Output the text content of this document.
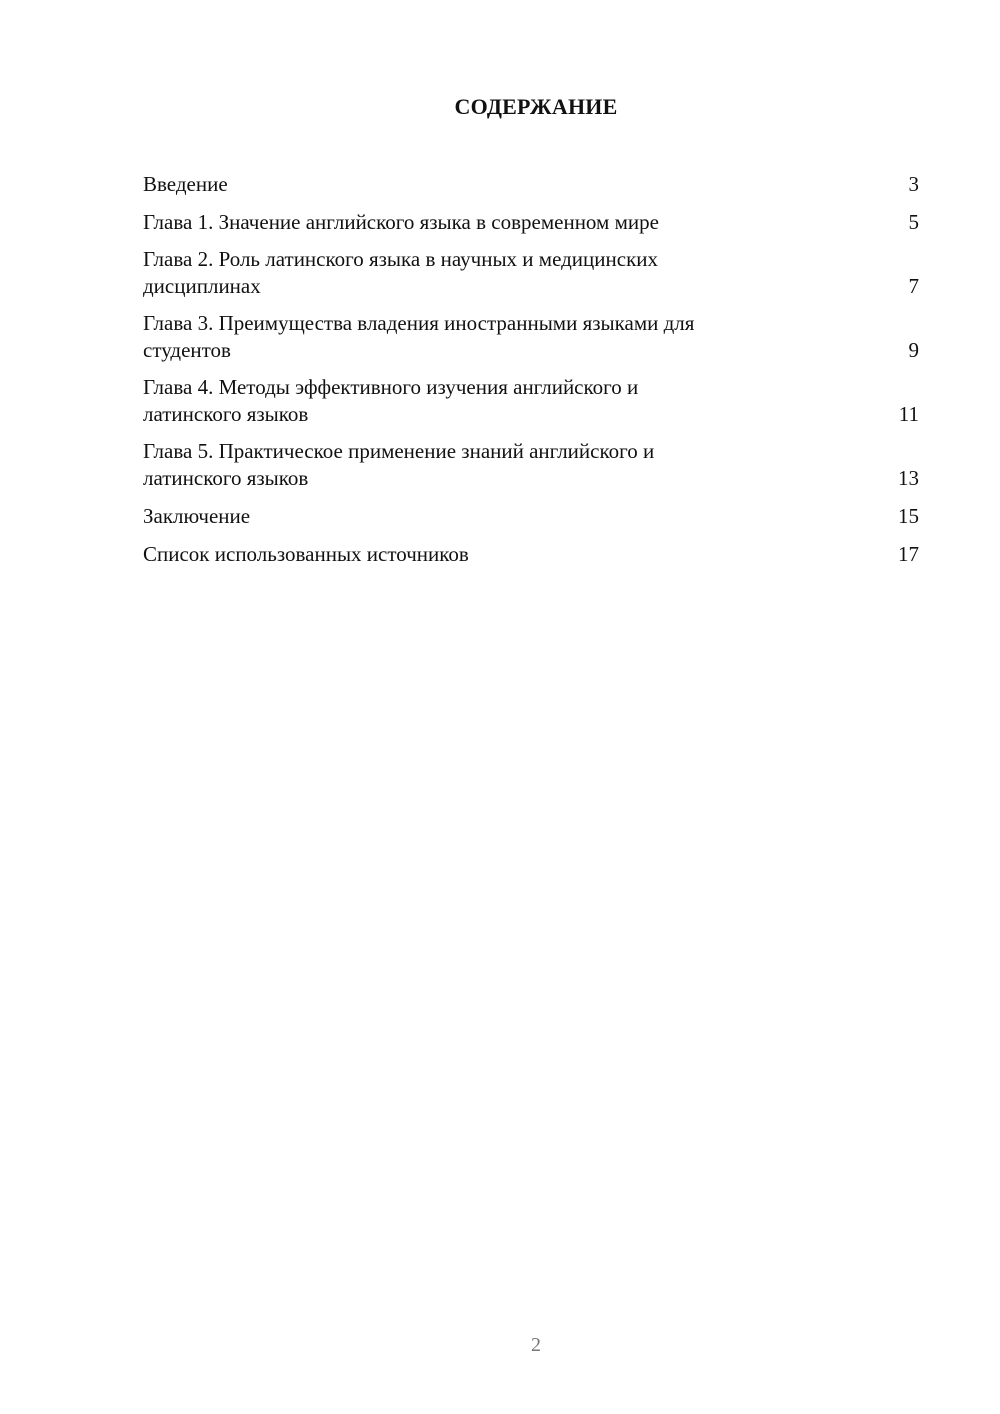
СОДЕРЖАНИЕ
Введение	3
Глава 1. Значение английского языка в современном мире	5
Глава 2. Роль латинского языка в научных и медицинских
дисциплинах	7
Глава 3. Преимущества владения иностранными языками для
студентов	9
Глава 4. Методы эффективного изучения английского и
латинского языков	11
Глава 5. Практическое применение знаний английского и
латинского языков	13
Заключение	15
Список использованных источников	17
2
